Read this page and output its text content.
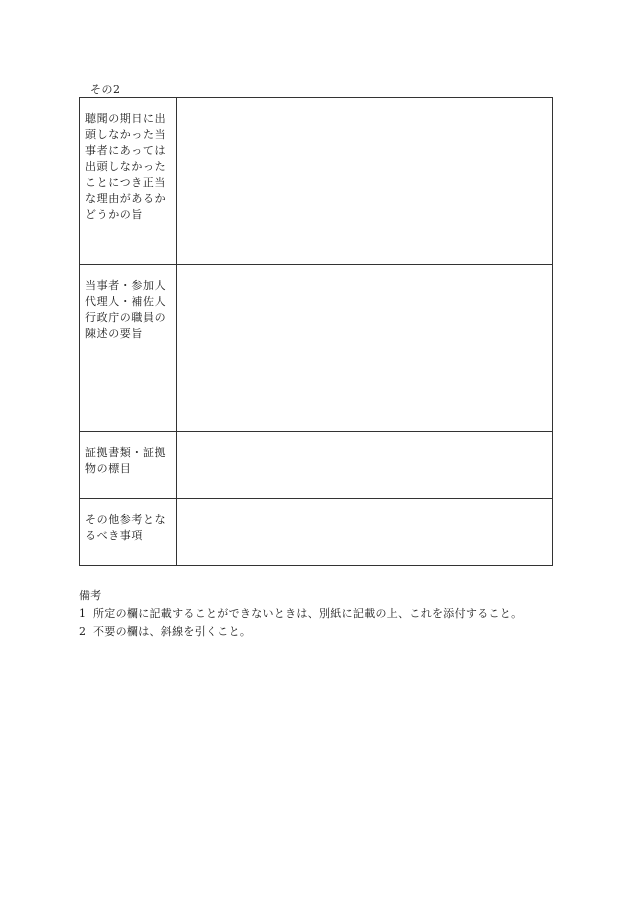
その2
聴聞の期日に出頭しなかった当事者にあっては出頭しなかったことにつき正当な理由があるかどうかの旨	

当事者・参加人代理人・補佐人行政庁の職員の陳述の要旨	

証拠書類・証拠物の標目	

その他参考となるべき事項	

備考
1 所定の欄に記載することができないときは、別紙に記載の上、これを添付すること。
2 不要の欄は、斜線を引くこと。
